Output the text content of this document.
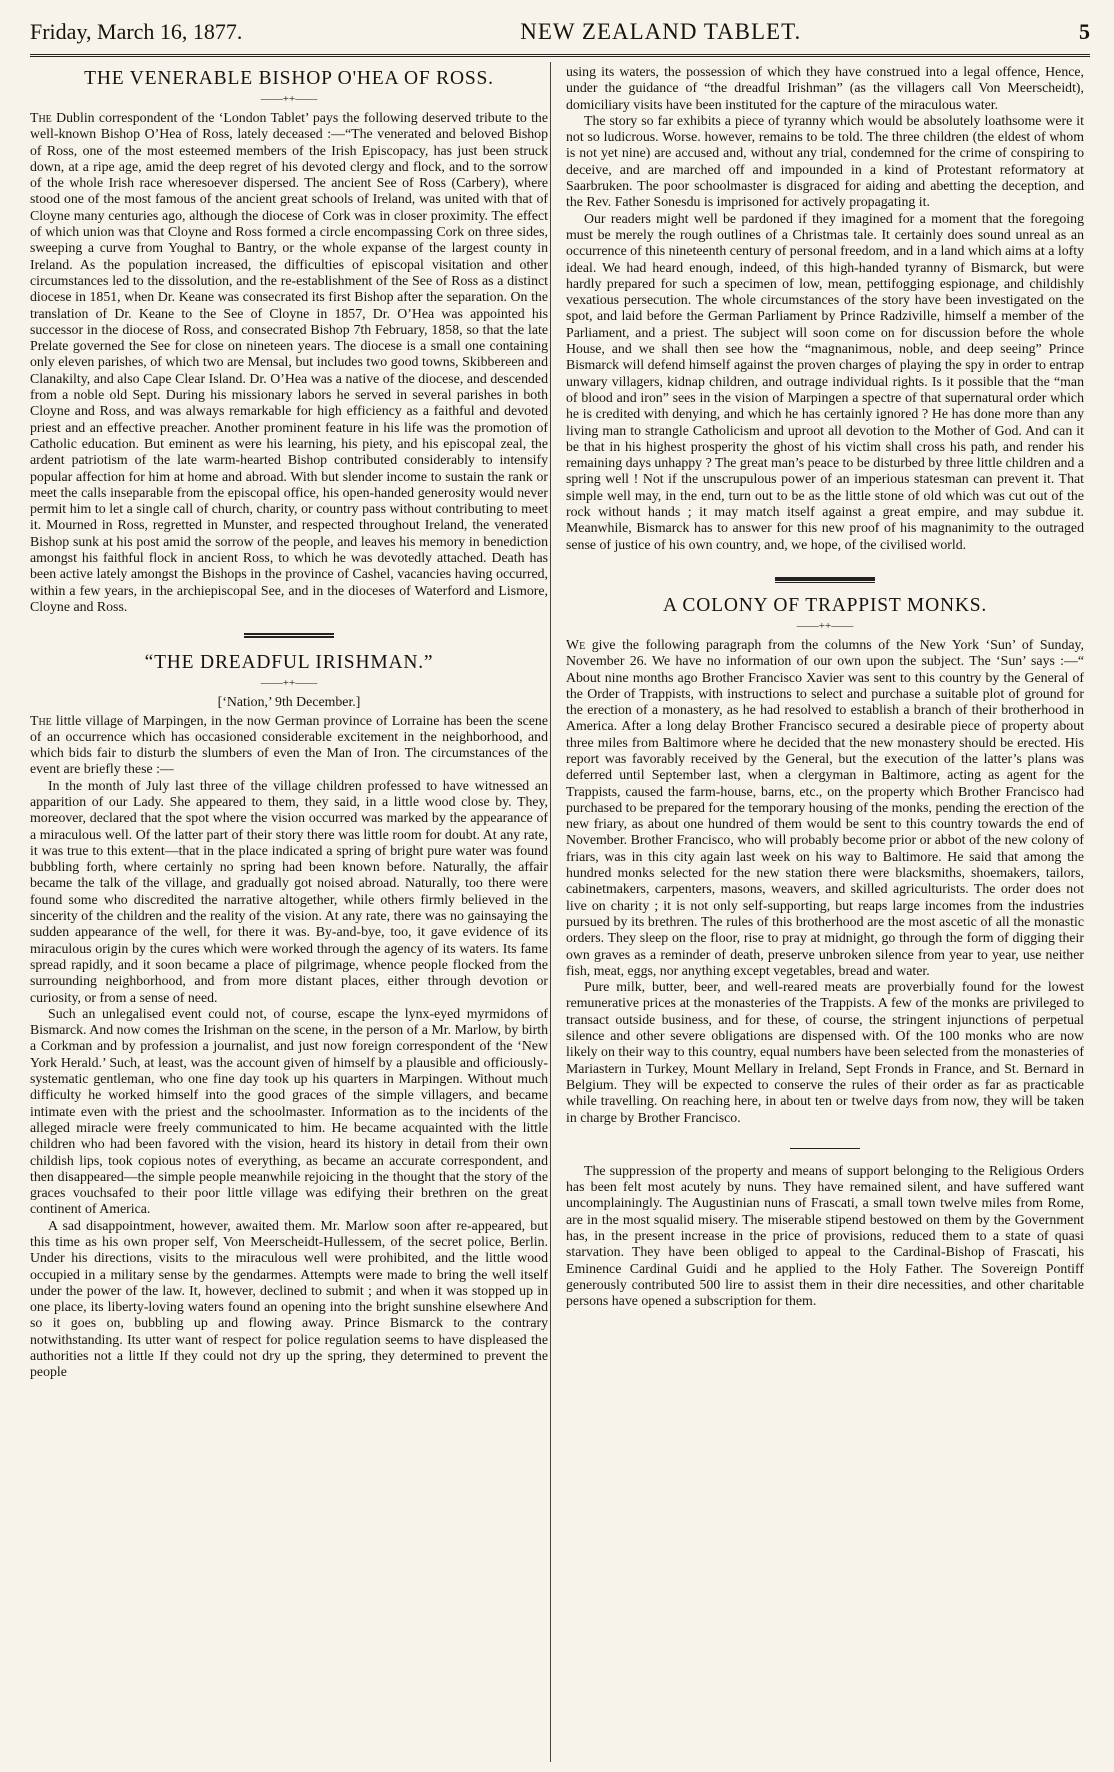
Friday, March 16, 1877.	NEW ZEALAND TABLET.	5
THE VENERABLE BISHOP O'HEA OF ROSS.
——++——

The Dublin correspondent of the ‘London Tablet’ pays the following deserved tribute to the well-known Bishop O’Hea of Ross, lately deceased :—“The venerated and beloved Bishop of Ross, one of the most esteemed members of the Irish Episcopacy, has just been struck down, at a ripe age, amid the deep regret of his devoted clergy and flock, and to the sorrow of the whole Irish race wheresoever dispersed. The ancient See of Ross (Carbery), where stood one of the most famous of the ancient great schools of Ireland, was united with that of Cloyne many centuries ago, although the diocese of Cork was in closer proximity. The effect of which union was that Cloyne and Ross formed a circle encompassing Cork on three sides, sweeping a curve from Youghal to Bantry, or the whole expanse of the largest county in Ireland. As the population increased, the difficulties of episcopal visitation and other circumstances led to the dissolution, and the re-establishment of the See of Ross as a distinct diocese in 1851, when Dr. Keane was consecrated its first Bishop after the separation. On the translation of Dr. Keane to the See of Cloyne in 1857, Dr. O’Hea was appointed his successor in the diocese of Ross, and consecrated Bishop 7th February, 1858, so that the late Prelate governed the See for close on nineteen years. The diocese is a small one containing only eleven parishes, of which two are Mensal, but includes two good towns, Skibbereen and Clanakilty, and also Cape Clear Island. Dr. O’Hea was a native of the diocese, and descended from a noble old Sept. During his missionary labors he served in several parishes in both Cloyne and Ross, and was always remarkable for high efficiency as a faithful and devoted priest and an effective preacher. Another prominent feature in his life was the promotion of Catholic education. But eminent as were his learning, his piety, and his episcopal zeal, the ardent patriotism of the late warm-hearted Bishop contributed considerably to intensify popular affection for him at home and abroad. With but slender income to sustain the rank or meet the calls inseparable from the episcopal office, his open-handed generosity would never permit him to let a single call of church, charity, or country pass without contributing to meet it. Mourned in Ross, regretted in Munster, and respected throughout Ireland, the venerated Bishop sunk at his post amid the sorrow of the people, and leaves his memory in benediction amongst his faithful flock in ancient Ross, to which he was devotedly attached. Death has been active lately amongst the Bishops in the province of Cashel, vacancies having occurred, within a few years, in the archiepiscopal See, and in the dioceses of Waterford and Lismore, Cloyne and Ross.

“THE DREADFUL IRISHMAN.”
——++——
[‘Nation,’ 9th December.]

The little village of Marpingen, in the now German province of Lorraine has been the scene of an occurrence which has occasioned considerable excitement in the neighborhood, and which bids fair to disturb the slumbers of even the Man of Iron. The circumstances of the event are briefly these :—

In the month of July last three of the village children professed to have witnessed an apparition of our Lady. She appeared to them, they said, in a little wood close by. They, moreover, declared that the spot where the vision occurred was marked by the appearance of a miraculous well. Of the latter part of their story there was little room for doubt. At any rate, it was true to this extent—that in the place indicated a spring of bright pure water was found bubbling forth, where certainly no spring had been known before. Naturally, the affair became the talk of the village, and gradually got noised abroad. Naturally, too there were found some who discredited the narrative altogether, while others firmly believed in the sincerity of the children and the reality of the vision. At any rate, there was no gainsaying the sudden appearance of the well, for there it was. By-and-bye, too, it gave evidence of its miraculous origin by the cures which were worked through the agency of its waters. Its fame spread rapidly, and it soon became a place of pilgrimage, whence people flocked from the surrounding neighborhood, and from more distant places, either through devotion or curiosity, or from a sense of need.

Such an unlegalised event could not, of course, escape the lynx-eyed myrmidons of Bismarck. And now comes the Irishman on the scene, in the person of a Mr. Marlow, by birth a Corkman and by profession a journalist, and just now foreign correspondent of the ‘New York Herald.’ Such, at least, was the account given of himself by a plausible and officiously-systematic gentleman, who one fine day took up his quarters in Marpingen. Without much difficulty he worked himself into the good graces of the simple villagers, and became intimate even with the priest and the schoolmaster. Information as to the incidents of the alleged miracle were freely communicated to him. He became acquainted with the little children who had been favored with the vision, heard its history in detail from their own childish lips, took copious notes of everything, as became an accurate correspondent, and then disappeared—the simple people meanwhile rejoicing in the thought that the story of the graces vouchsafed to their poor little village was edifying their brethren on the great continent of America.

A sad disappointment, however, awaited them. Mr. Marlow soon after re-appeared, but this time as his own proper self, Von Meerscheidt-Hullessem, of the secret police, Berlin. Under his directions, visits to the miraculous well were prohibited, and the little wood occupied in a military sense by the gendarmes. Attempts were made to bring the well itself under the power of the law. It, however, declined to submit ; and when it was stopped up in one place, its liberty-loving waters found an opening into the bright sunshine elsewhere And so it goes on, bubbling up and flowing away. Prince Bismarck to the contrary notwithstanding. Its utter want of respect for police regulation seems to have displeased the authorities not a little If they could not dry up the spring, they determined to prevent the people

using its waters, the possession of which they have construed into a legal offence, Hence, under the guidance of “the dreadful Irishman” (as the villagers call Von Meerscheidt), domiciliary visits have been instituted for the capture of the miraculous water.

The story so far exhibits a piece of tyranny which would be absolutely loathsome were it not so ludicrous. Worse. however, remains to be told. The three children (the eldest of whom is not yet nine) are accused and, without any trial, condemned for the crime of conspiring to deceive, and are marched off and impounded in a kind of Protestant reformatory at Saarbruken. The poor schoolmaster is disgraced for aiding and abetting the deception, and the Rev. Father Sonesdu is imprisoned for actively propagating it.

Our readers might well be pardoned if they imagined for a moment that the foregoing must be merely the rough outlines of a Christmas tale. It certainly does sound unreal as an occurrence of this nineteenth century of personal freedom, and in a land which aims at a lofty ideal. We had heard enough, indeed, of this high-handed tyranny of Bismarck, but were hardly prepared for such a specimen of low, mean, pettifogging espionage, and childishly vexatious persecution. The whole circumstances of the story have been investigated on the spot, and laid before the German Parliament by Prince Radziville, himself a member of the Parliament, and a priest. The subject will soon come on for discussion before the whole House, and we shall then see how the “magnanimous, noble, and deep seeing” Prince Bismarck will defend himself against the proven charges of playing the spy in order to entrap unwary villagers, kidnap children, and outrage individual rights. Is it possible that the “man of blood and iron” sees in the vision of Marpingen a spectre of that supernatural order which he is credited with denying, and which he has certainly ignored ? He has done more than any living man to strangle Catholicism and uproot all devotion to the Mother of God. And can it be that in his highest prosperity the ghost of his victim shall cross his path, and render his remaining days unhappy ? The great man’s peace to be disturbed by three little children and a spring well ! Not if the unscrupulous power of an imperious statesman can prevent it. That simple well may, in the end, turn out to be as the little stone of old which was cut out of the rock without hands ; it may match itself against a great empire, and may subdue it. Meanwhile, Bismarck has to answer for this new proof of his magnanimity to the outraged sense of justice of his own country, and, we hope, of the civilised world.

A COLONY OF TRAPPIST MONKS.
——++——

We give the following paragraph from the columns of the New York ‘Sun’ of Sunday, November 26. We have no information of our own upon the subject. The ‘Sun’ says :—“ About nine months ago Brother Francisco Xavier was sent to this country by the General of the Order of Trappists, with instructions to select and purchase a suitable plot of ground for the erection of a monastery, as he had resolved to establish a branch of their brotherhood in America. After a long delay Brother Francisco secured a desirable piece of property about three miles from Baltimore where he decided that the new monastery should be erected. His report was favorably received by the General, but the execution of the latter’s plans was deferred until September last, when a clergyman in Baltimore, acting as agent for the Trappists, caused the farm-house, barns, etc., on the property which Brother Francisco had purchased to be prepared for the temporary housing of the monks, pending the erection of the new friary, as about one hundred of them would be sent to this country towards the end of November. Brother Francisco, who will probably become prior or abbot of the new colony of friars, was in this city again last week on his way to Baltimore. He said that among the hundred monks selected for the new station there were blacksmiths, shoemakers, tailors, cabinetmakers, carpenters, masons, weavers, and skilled agriculturists. The order does not live on charity ; it is not only self-supporting, but reaps large incomes from the industries pursued by its brethren. The rules of this brotherhood are the most ascetic of all the monastic orders. They sleep on the floor, rise to pray at midnight, go through the form of digging their own graves as a reminder of death, preserve unbroken silence from year to year, use neither fish, meat, eggs, nor anything except vegetables, bread and water.

Pure milk, butter, beer, and well-reared meats are proverbially found for the lowest remunerative prices at the monasteries of the Trappists. A few of the monks are privileged to transact outside business, and for these, of course, the stringent injunctions of perpetual silence and other severe obligations are dispensed with. Of the 100 monks who are now likely on their way to this country, equal numbers have been selected from the monasteries of Mariastern in Turkey, Mount Mellary in Ireland, Sept Fronds in France, and St. Bernard in Belgium. They will be expected to conserve the rules of their order as far as practicable while travelling. On reaching here, in about ten or twelve days from now, they will be taken in charge by Brother Francisco.

The suppression of the property and means of support belonging to the Religious Orders has been felt most acutely by nuns. They have remained silent, and have suffered want uncomplainingly. The Augustinian nuns of Frascati, a small town twelve miles from Rome, are in the most squalid misery. The miserable stipend bestowed on them by the Government has, in the present increase in the price of provisions, reduced them to a state of quasi starvation. They have been obliged to appeal to the Cardinal-Bishop of Frascati, his Eminence Cardinal Guidi and he applied to the Holy Father. The Sovereign Pontiff generously contributed 500 lire to assist them in their dire necessities, and other charitable persons have opened a subscription for them.
